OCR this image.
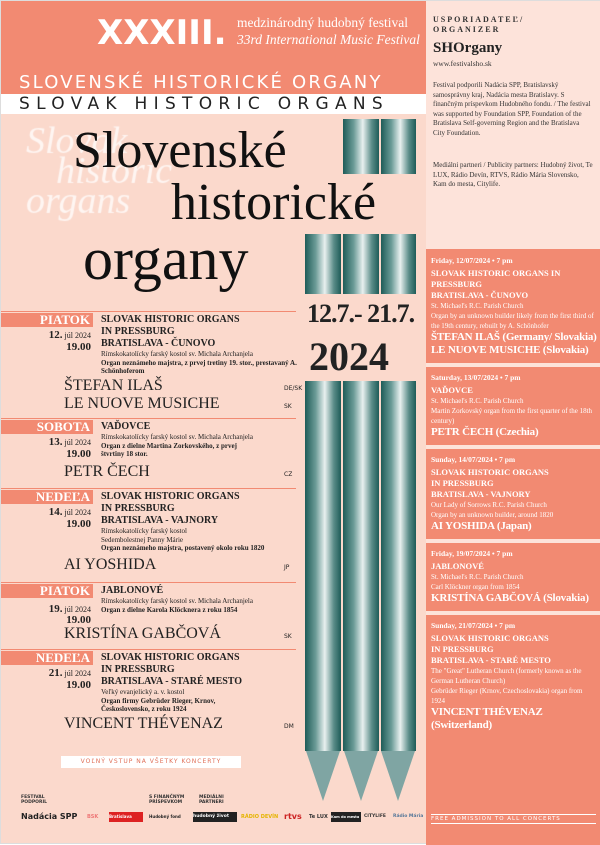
XXXIII. medzinárodný hudobný festival
33rd International Music Festival
SLOVENSKÉ HISTORICKÉ ORGANY
SLOVAK HISTORIC ORGANS
USPORIADATEĽ/ ORGANIZER
SHOrgany
www.festivalsho.sk
Festival podporili Nadácia SPP, Bratislavský samosprávny kraj, Nadácia mesta Bratislavy. S finančným príspevkom Hudobného fondu. / The festival was supported by Foundation SPP, Foundation of the Bratislava Self-governing Region and the Bratislava City Foundation.
Mediálni partneri / Publicity partners: Hudobný život, Te LUX, Rádio Devín, RTVS, Rádio Mária Slovensko, Kam do mesta, Citylife.
Slovenské
historické
organy
12.7.- 21.7.
2024
PIATOK
12. júl 2024
19.00
SLOVAK HISTORIC ORGANS
IN PRESSBURG
BRATISLAVA - ČUNOVO
Rímskokatolícky farský kostol sv. Michala Archanjela
Organ neznámeho majstra, z prvej tretiny 19. stor., prestavaný A. Schönhoferom
ŠTEFAN ILAŠ	DE/SK
LE NUOVE MUSICHE	SK
SOBOTA
13. júl 2024
19.00
VAĎOVCE
Rímskokatolícky farský kostol sv. Michala Archanjela
Organ z dielne Martina Zorkovského, z prvej štvrtiny 18 stor.
PETR ČECH	CZ
NEDEĽA
14. júl 2024
19.00
SLOVAK HISTORIC ORGANS
IN PRESSBURG
BRATISLAVA - VAJNORY
Rímskokatolícky farský kostol
Sedembolestnej Panny Márie
Organ neznámeho majstra, postavený okolo roku 1820
AI YOSHIDA	JP
PIATOK
19. júl 2024
19.00
JABLONOVÉ
Rímskokatolícky farský kostol sv. Michala Archanjela
Organ z dielne Karola Klöcknera z roku 1854
KRISTÍNA GABČOVÁ	SK
NEDEĽA
21. júl 2024
19.00
SLOVAK HISTORIC ORGANS
IN PRESSBURG
BRATISLAVA - STARÉ MESTO
Veľký evanjelický a. v. kostol
Organ firmy Gebrüder Rieger, Krnov, Československo, z roku 1924
VINCENT THÉVENAZ	DM
VOĽNÝ VSTUP NA VŠETKY KONCERTY
Friday, 12/07/2024 • 7 pm
SLOVAK HISTORIC ORGANS IN PRESSBURG
BRATISLAVA - ČUNOVO
St. Michael's R.C. Parish Church
Organ by an unknown builder likely from the first third of the 19th century, rebuilt by A. Schönhofer
ŠTEFAN ILAŠ (Germany/ Slovakia)
LE NUOVE MUSICHE (Slovakia)
Saturday, 13/07/2024 • 7 pm
VAĎOVCE
St. Michael's R.C. Parish Church
Martin Zorkovský organ from the first quarter of the 18th century)
PETR ČECH (Czechia)
Sunday, 14/07/2024 • 7 pm
SLOVAK HISTORIC ORGANS
IN PRESSBURG
BRATISLAVA - VAJNORY
Our Lady of Sorrows R.C. Parish Church
Organ by an unknown builder, around 1820
AI YOSHIDA (Japan)
Friday, 19/07/2024 • 7 pm
JABLONOVÉ
St. Michael's R.C. Parish Church
Carl Klöckner organ from 1854
KRISTÍNA GABČOVÁ (Slovakia)
Sunday, 21/07/2024 • 7 pm
SLOVAK HISTORIC ORGANS
IN PRESSBURG
BRATISLAVA - STARÉ MESTO
The "Great" Lutheran Church (formerly known as the German Lutheran Church)
Gebrüder Rieger (Krnov, Czechoslovakia) organ from 1924
VINCENT THÉVENAZ
(Switzerland)
FREE ADMISSION TO ALL CONCERTS
FESTIVAL PODPORIL
S FINANČNÝM PRÍSPEVKOM
MEDIÁLNI PARTNERI
Nadácia SPP BSK	Bratislava	Hudobný fond	hudobný život	RÁDIO DEVÍN rtvs Te LUX Kam do mesta	CITYLIFE Rádio Mária
